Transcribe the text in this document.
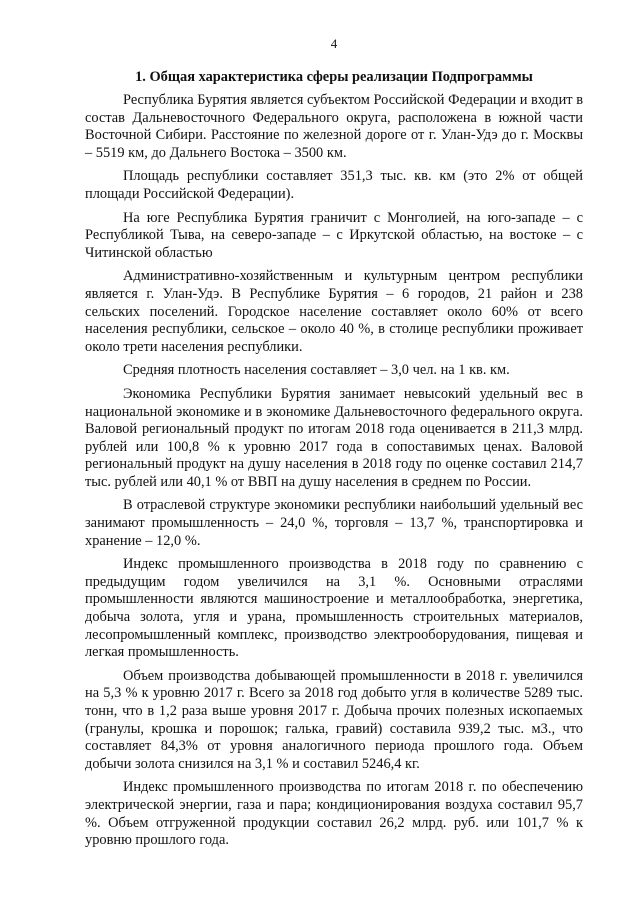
4
1. Общая характеристика сферы реализации Подпрограммы

Республика Бурятия является субъектом Российской Федерации и входит в состав Дальневосточного Федерального округа, расположена в южной части Восточной Сибири. Расстояние по железной дороге от г. Улан-Удэ до г. Москвы – 5519 км, до Дальнего Востока – 3500 км.

Площадь республики составляет 351,3 тыс. кв. км (это 2% от общей площади Российской Федерации).

На юге Республика Бурятия граничит с Монголией, на юго-западе – с Республикой Тыва, на северо-западе – с Иркутской областью, на востоке – с Читинской областью

Административно-хозяйственным и культурным центром республики является г. Улан-Удэ. В Республике Бурятия – 6 городов, 21 район и 238 сельских поселений. Городское население составляет около 60% от всего населения республики, сельское – около 40 %, в столице республики проживает около трети населения республики.

Средняя плотность населения составляет – 3,0 чел. на 1 кв. км.

Экономика Республики Бурятия занимает невысокий удельный вес в национальной экономике и в экономике Дальневосточного федерального округа. Валовой региональный продукт по итогам 2018 года оценивается в 211,3 млрд. рублей или 100,8 % к уровню 2017 года в сопоставимых ценах. Валовой региональный продукт на душу населения в 2018 году по оценке составил 214,7 тыс. рублей или 40,1 % от ВВП на душу населения в среднем по России.

В отраслевой структуре экономики республики наибольший удельный вес занимают промышленность – 24,0 %, торговля – 13,7 %, транспортировка и хранение – 12,0 %.

Индекс промышленного производства в 2018 году по сравнению с предыдущим годом увеличился на 3,1 %. Основными отраслями промышленности являются машиностроение и металлообработка, энергетика, добыча золота, угля и урана, промышленность строительных материалов, лесопромышленный комплекс, производство электрооборудования, пищевая и легкая промышленность.

Объем производства добывающей промышленности в 2018 г. увеличился на 5,3 % к уровню 2017 г. Всего за 2018 год добыто угля в количестве 5289 тыс. тонн, что в 1,2 раза выше уровня 2017 г. Добыча прочих полезных ископаемых (гранулы, крошка и порошок; галька, гравий) составила 939,2 тыс. м3., что составляет 84,3% от уровня аналогичного периода прошлого года. Объем добычи золота снизился на 3,1 % и составил 5246,4 кг.

Индекс промышленного производства по итогам 2018 г. по обеспечению электрической энергии, газа и пара; кондиционирования воздуха составил 95,7 %. Объем отгруженной продукции составил 26,2 млрд. руб. или 101,7 % к уровню прошлого года.
